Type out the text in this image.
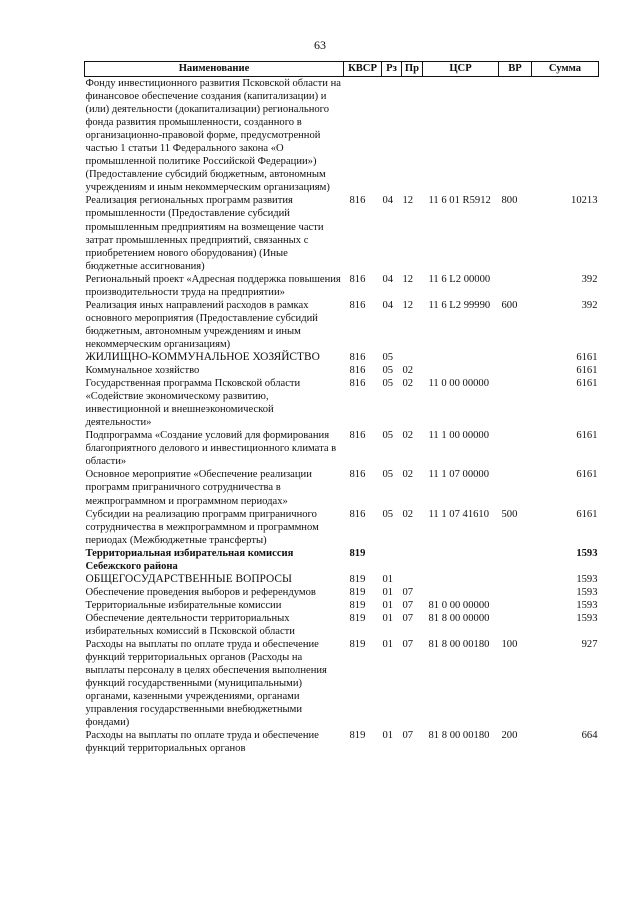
63
Наименование	КВСР	Рз	Пр	ЦСР	ВР	Сумма
Фонду инвестиционного развития Псковской области на финансовое обеспечение создания (капитализации) и (или) деятельности (докапитализации) регионального фонда развития промышленности, созданного в организационно-правовой форме, предусмотренной частью 1 статьи 11 Федерального закона «О промышленной политике Российской Федерации») (Предоставление субсидий бюджетным, автономным учреждениям и иным некоммерческим организациям)						
Реализация региональных программ развития промышленности (Предоставление субсидий промышленным предприятиям на возмещение части затрат промышленных предприятий, связанных с приобретением нового оборудования) (Иные бюджетные ассигнования)	816	04	12	11 6 01 R5912	800	10213
Региональный проект «Адресная поддержка повышения производительности труда на предприятии»	816	04	12	11 6 L2 00000		392
Реализация иных направлений расходов в рамках основного мероприятия (Предоставление субсидий бюджетным, автономным учреждениям и иным некоммерческим организациям)	816	04	12	11 6 L2 99990	600	392
ЖИЛИЩНО-КОММУНАЛЬНОЕ ХОЗЯЙСТВО	816	05				6161
Коммунальное хозяйство	816	05	02			6161
Государственная программа Псковской области «Содействие экономическому развитию, инвестиционной и внешнеэкономической деятельности»	816	05	02	11 0 00 00000		6161
Подпрограмма «Создание условий для формирования благоприятного делового и инвестиционного климата в области»	816	05	02	11 1 00 00000		6161
Основное мероприятие «Обеспечение реализации программ приграничного сотрудничества в межпрограммном и программном периодах»	816	05	02	11 1 07 00000		6161
Субсидии на реализацию программ приграничного сотрудничества в межпрограммном и программном периодах (Межбюджетные трансферты)	816	05	02	11 1 07 41610	500	6161
Территориальная избирательная комиссия Себежского района	819					1593
ОБЩЕГОСУДАРСТВЕННЫЕ ВОПРОСЫ	819	01				1593
Обеспечение проведения выборов и референдумов	819	01	07			1593
Территориальные избирательные комиссии	819	01	07	81 0 00 00000		1593
Обеспечение деятельности территориальных избирательных комиссий в Псковской области	819	01	07	81 8 00 00000		1593
Расходы на выплаты по оплате труда и обеспечение функций территориальных органов (Расходы на выплаты персоналу в целях обеспечения выполнения функций государственными (муниципальными) органами, казенными учреждениями, органами управления государственными внебюджетными фондами)	819	01	07	81 8 00 00180	100	927
Расходы на выплаты по оплате труда и обеспечение функций территориальных органов	819	01	07	81 8 00 00180	200	664
